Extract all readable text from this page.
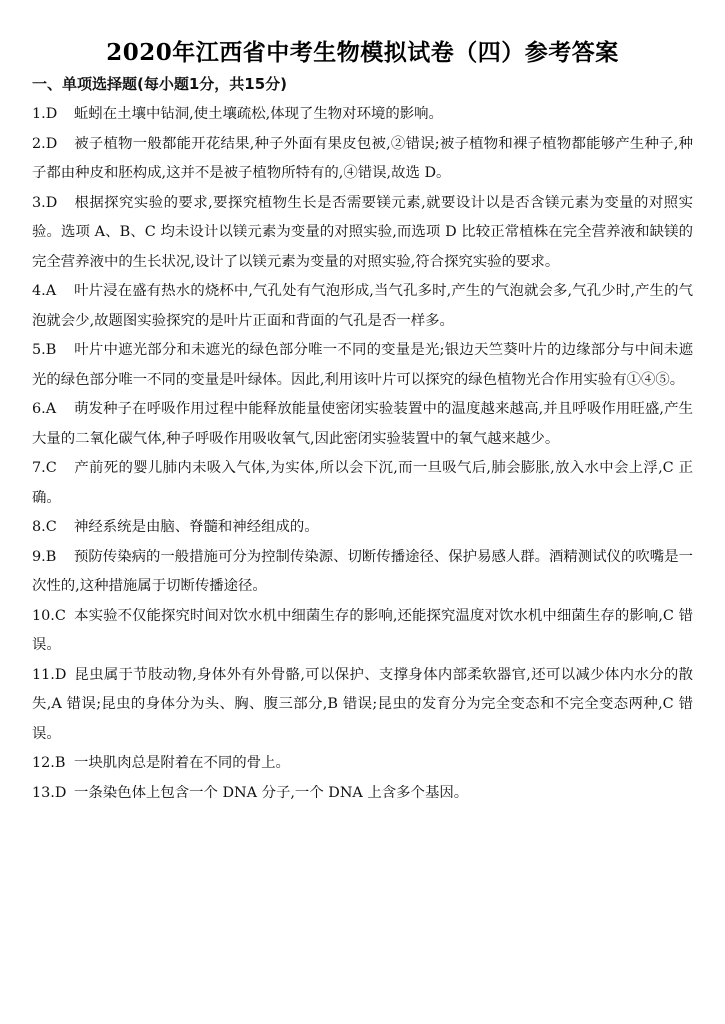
2020年江西省中考生物模拟试卷（四）参考答案
一、单项选择题(每小题1分，共15分)

1.D 蚯蚓在土壤中钻洞,使土壤疏松,体现了生物对环境的影响。

2.D 被子植物一般都能开花结果,种子外面有果皮包被,②错误;被子植物和裸子植物都能够产生种子,种子都由种皮和胚构成,这并不是被子植物所特有的,④错误,故选 D。

3.D 根据探究实验的要求,要探究植物生长是否需要镁元素,就要设计以是否含镁元素为变量的对照实验。选项 A、B、C 均未设计以镁元素为变量的对照实验,而选项 D 比较正常植株在完全营养液和缺镁的完全营养液中的生长状况,设计了以镁元素为变量的对照实验,符合探究实验的要求。

4.A 叶片浸在盛有热水的烧杯中,气孔处有气泡形成,当气孔多时,产生的气泡就会多,气孔少时,产生的气泡就会少,故题图实验探究的是叶片正面和背面的气孔是否一样多。

5.B 叶片中遮光部分和未遮光的绿色部分唯一不同的变量是光;银边天竺葵叶片的边缘部分与中间未遮光的绿色部分唯一不同的变量是叶绿体。因此,利用该叶片可以探究的绿色植物光合作用实验有①④⑤。

6.A 萌发种子在呼吸作用过程中能释放能量使密闭实验装置中的温度越来越高,并且呼吸作用旺盛,产生大量的二氧化碳气体,种子呼吸作用吸收氧气,因此密闭实验装置中的氧气越来越少。

7.C 产前死的婴儿肺内未吸入气体,为实体,所以会下沉,而一旦吸气后,肺会膨胀,放入水中会上浮,C 正确。

8.C 神经系统是由脑、脊髓和神经组成的。

9.B 预防传染病的一般措施可分为控制传染源、切断传播途径、保护易感人群。酒精测试仪的吹嘴是一次性的,这种措施属于切断传播途径。

10.C 本实验不仅能探究时间对饮水机中细菌生存的影响,还能探究温度对饮水机中细菌生存的影响,C 错误。

11.D 昆虫属于节肢动物,身体外有外骨骼,可以保护、支撑身体内部柔软器官,还可以减少体内水分的散失,A 错误;昆虫的身体分为头、胸、腹三部分,B 错误;昆虫的发育分为完全变态和不完全变态两种,C 错误。

12.B 一块肌肉总是附着在不同的骨上。

13.D 一条染色体上包含一个 DNA 分子,一个 DNA 上含多个基因。
